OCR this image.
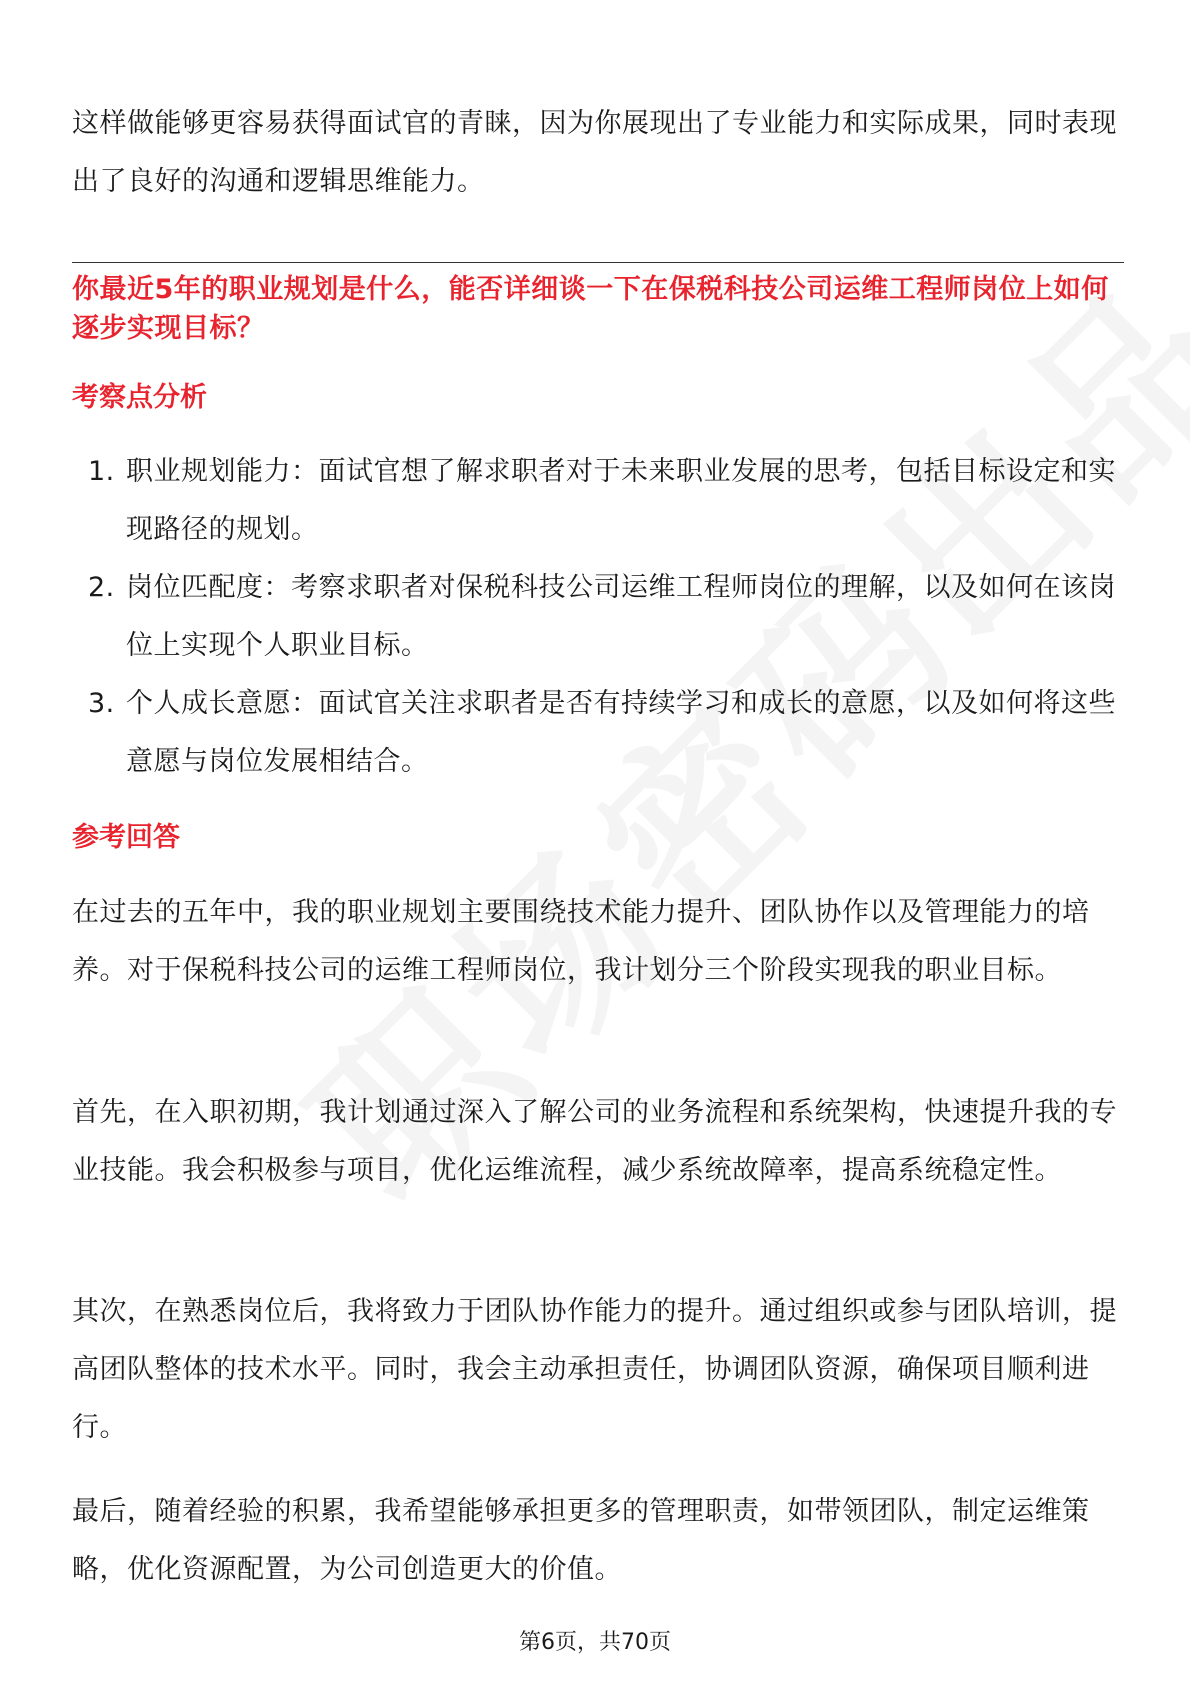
这样做能够更容易获得面试官的青睐，因为你展现出了专业能力和实际成果，同时表现出了良好的沟通和逻辑思维能力。

你最近5年的职业规划是什么，能否详细谈一下在保税科技公司运维工程师岗位上如何逐步实现目标？

考察点分析

1. 职业规划能力：面试官想了解求职者对于未来职业发展的思考，包括目标设定和实现路径的规划。
2. 岗位匹配度：考察求职者对保税科技公司运维工程师岗位的理解，以及如何在该岗位上实现个人职业目标。
3. 个人成长意愿：面试官关注求职者是否有持续学习和成长的意愿，以及如何将这些意愿与岗位发展相结合。

参考回答

在过去的五年中，我的职业规划主要围绕技术能力提升、团队协作以及管理能力的培养。对于保税科技公司的运维工程师岗位，我计划分三个阶段实现我的职业目标。

首先，在入职初期，我计划通过深入了解公司的业务流程和系统架构，快速提升我的专业技能。我会积极参与项目，优化运维流程，减少系统故障率，提高系统稳定性。

其次，在熟悉岗位后，我将致力于团队协作能力的提升。通过组织或参与团队培训，提高团队整体的技术水平。同时，我会主动承担责任，协调团队资源，确保项目顺利进行。

最后，随着经验的积累，我希望能够承担更多的管理职责，如带领团队，制定运维策略，优化资源配置，为公司创造更大的价值。

第6页，共70页
